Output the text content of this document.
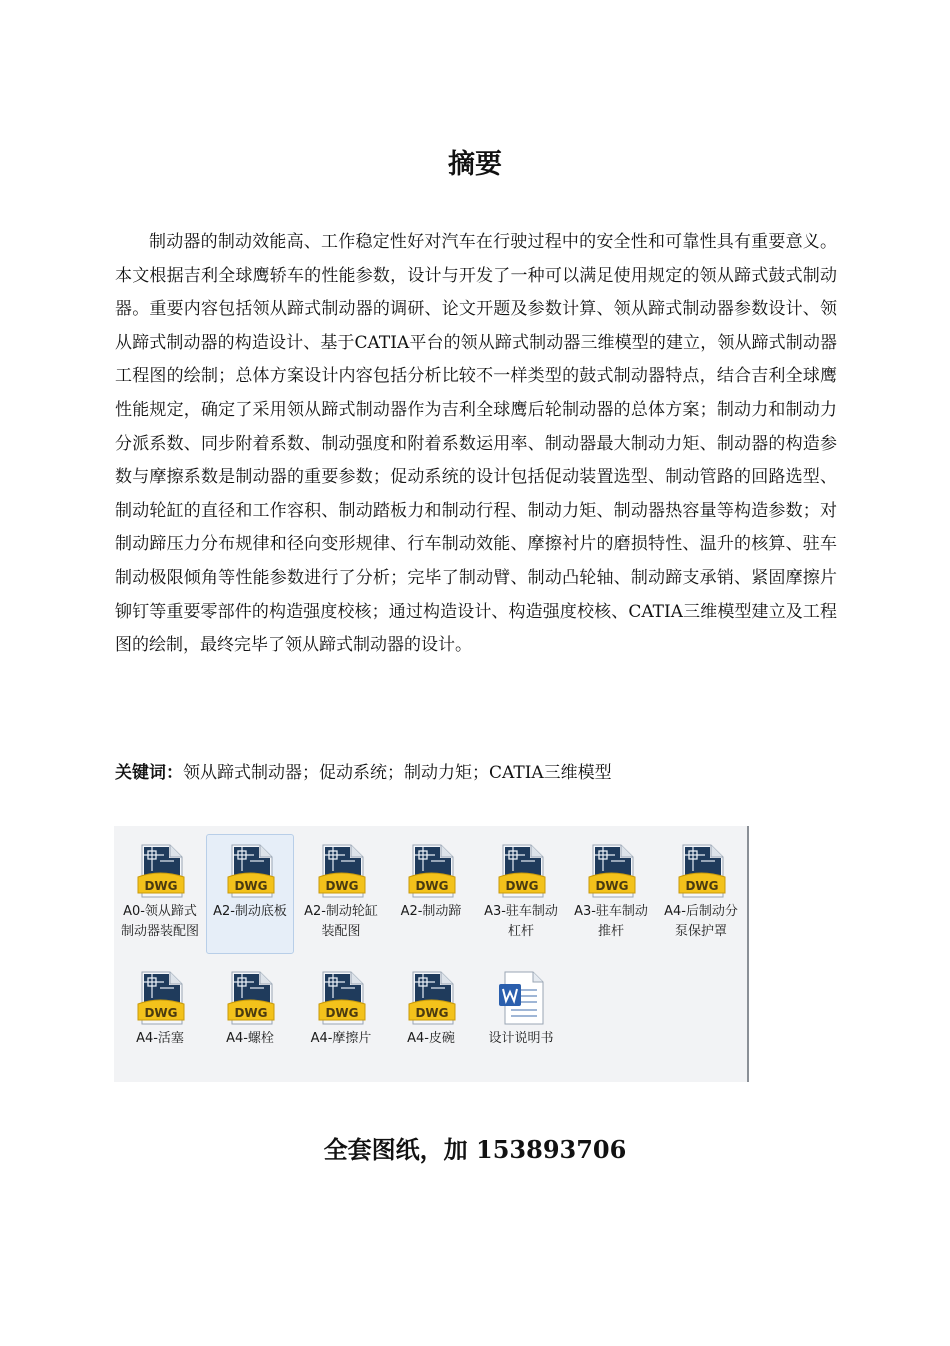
摘要

制动器的制动效能高、工作稳定性好对汽车在行驶过程中的安全性和可靠性具有重要意义。本文根据吉利全球鹰轿车的性能参数，设计与开发了一种可以满足使用规定的领从蹄式鼓式制动器。重要内容包括领从蹄式制动器的调研、论文开题及参数计算、领从蹄式制动器参数设计、领从蹄式制动器的构造设计、基于CATIA平台的领从蹄式制动器三维模型的建立，领从蹄式制动器工程图的绘制；总体方案设计内容包括分析比较不一样类型的鼓式制动器特点，结合吉利全球鹰性能规定，确定了采用领从蹄式制动器作为吉利全球鹰后轮制动器的总体方案；制动力和制动力分派系数、同步附着系数、制动强度和附着系数运用率、制动器最大制动力矩、制动器的构造参数与摩擦系数是制动器的重要参数；促动系统的设计包括促动装置选型、制动管路的回路选型、制动轮缸的直径和工作容积、制动踏板力和制动行程、制动力矩、制动器热容量等构造参数；对制动蹄压力分布规律和径向变形规律、行车制动效能、摩擦衬片的磨损特性、温升的核算、驻车制动极限倾角等性能参数进行了分析；完毕了制动臂、制动凸轮轴、制动蹄支承销、紧固摩擦片铆钉等重要零部件的构造强度校核；通过构造设计、构造强度校核、CATIA三维模型建立及工程图的绘制，最终完毕了领从蹄式制动器的设计。

关键词：领从蹄式制动器；促动系统；制动力矩；CATIA三维模型
DWG
A0-领从蹄式制动器装配图
DWG
A2-制动底板
DWG
A2-制动轮缸装配图
DWG
A2-制动蹄
DWG
A3-驻车制动杠杆
DWG
A3-驻车制动推杆
DWG
A4-后制动分泵保护罩
DWG
A4-活塞
DWG
A4-螺栓
DWG
A4-摩擦片
DWG
A4-皮碗	设计说明书
全套图纸，加 153893706
